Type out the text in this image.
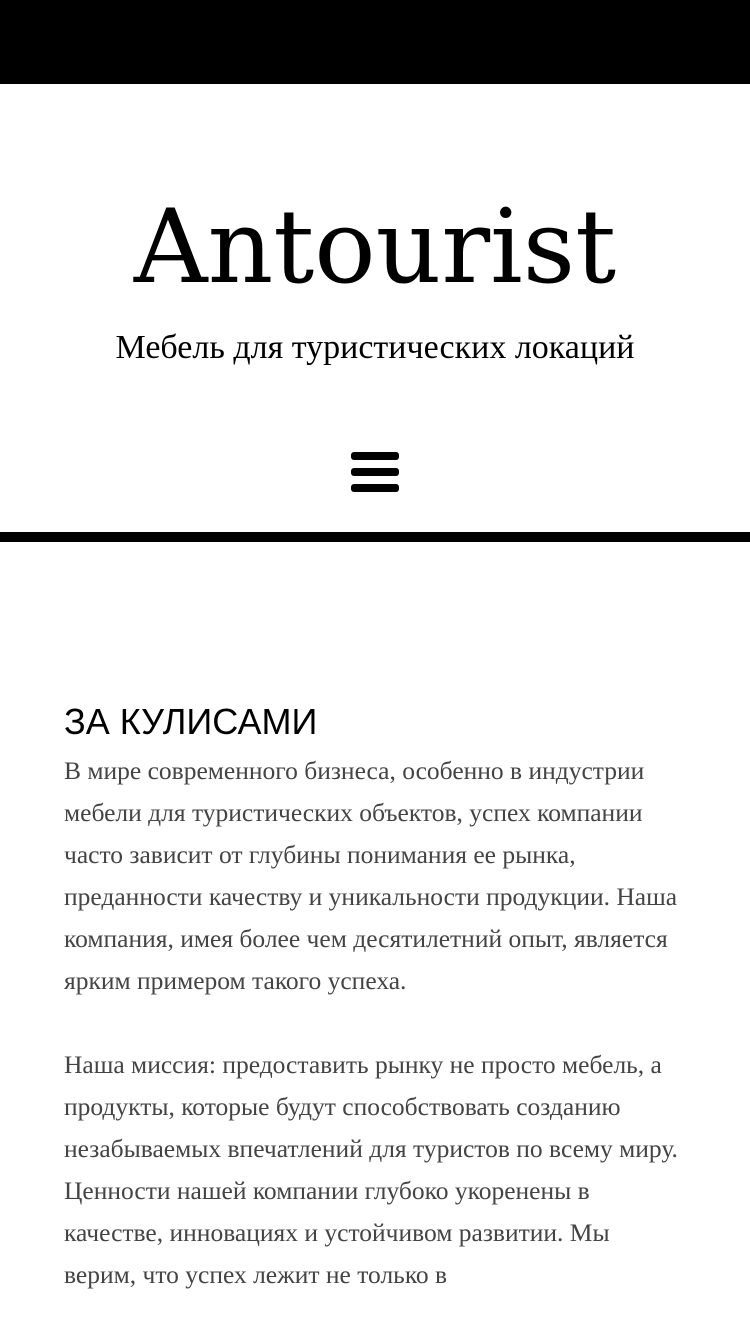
Antourist

Мебель для туристических локаций

ЗА КУЛИСАМИ

В мире современного бизнеса, особенно в индустрии мебели для туристических объектов, успех компании часто зависит от глубины понимания ее рынка, преданности качеству и уникальности продукции. Наша компания, имея более чем десятилетний опыт, является ярким примером такого успеха.

Наша миссия: предоставить рынку не просто мебель, а продукты, которые будут способствовать созданию незабываемых впечатлений для туристов по всему миру. Ценности нашей компании глубоко укоренены в качестве, инновациях и устойчивом развитии. Мы верим, что успех лежит не только в
